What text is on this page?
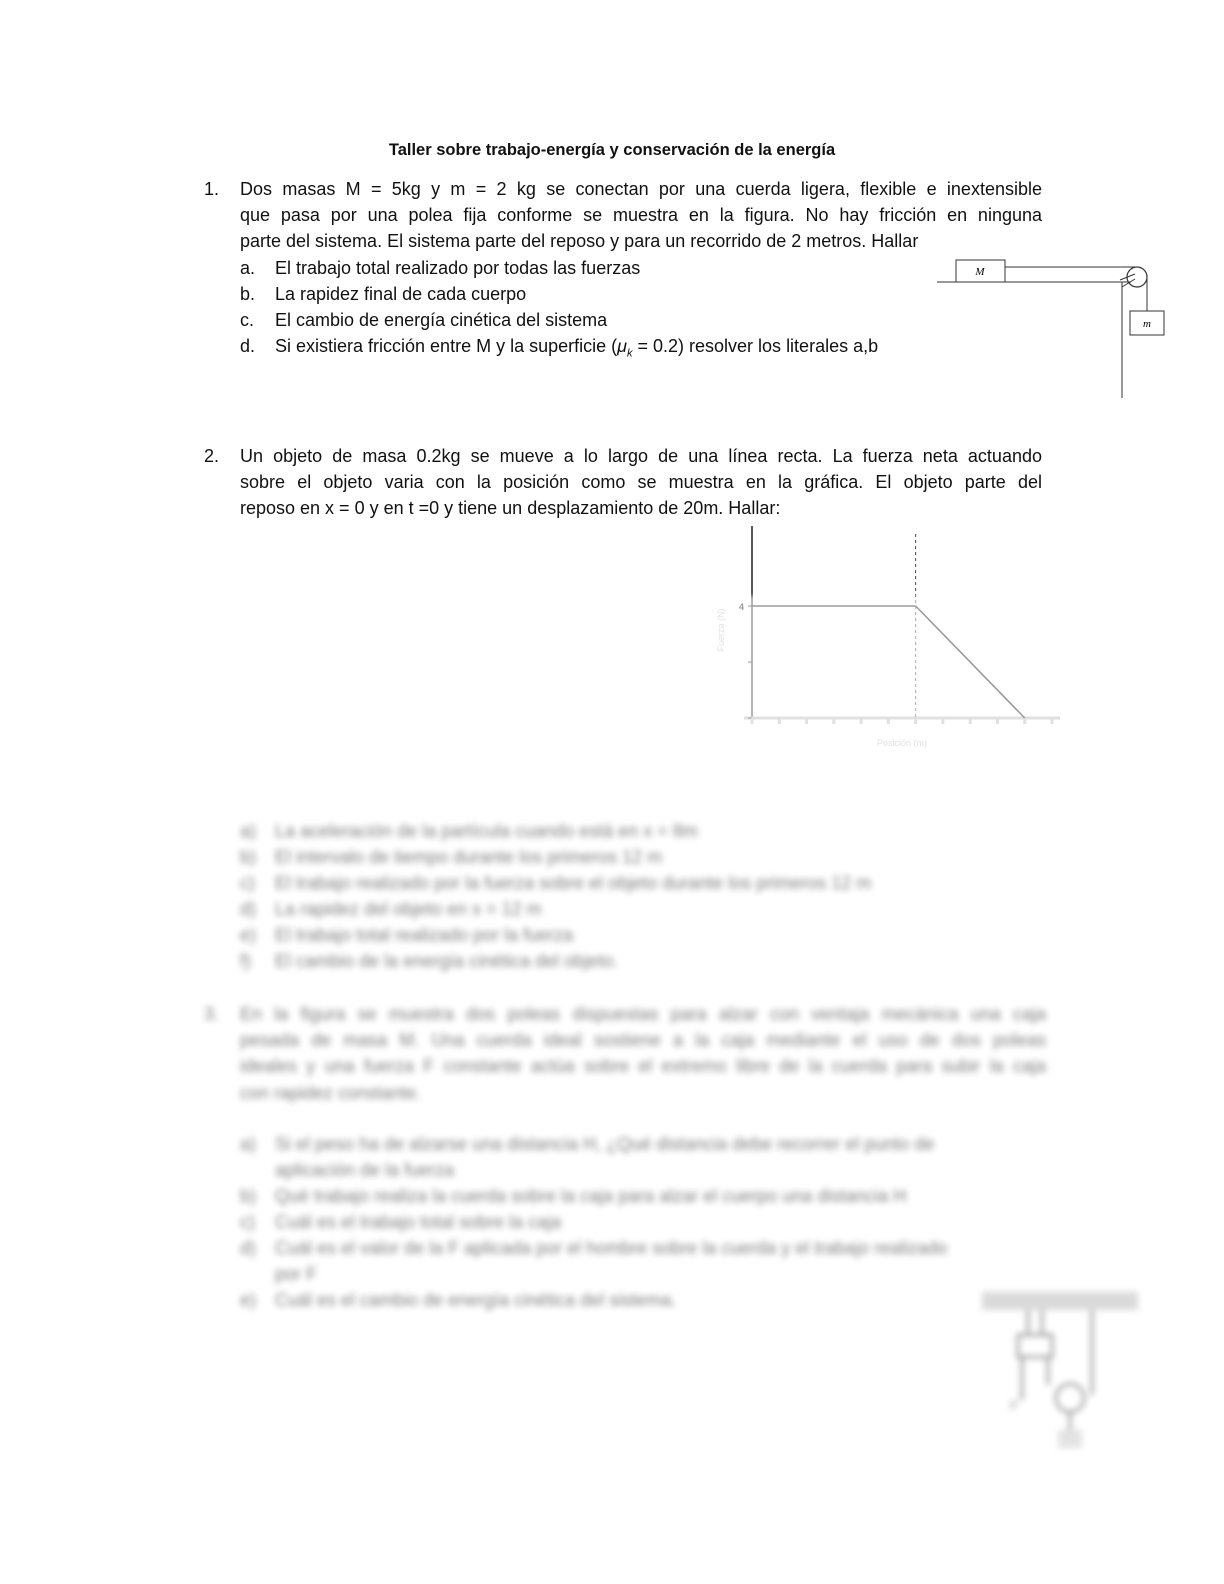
Taller sobre trabajo-energía y conservación de la energía
1. Dos masas M = 5kg y m = 2 kg se conectan por una cuerda ligera, flexible e inextensible
que pasa por una polea fija conforme se muestra en la figura. No hay fricción en ninguna
parte del sistema. El sistema parte del reposo y para un recorrido de 2 metros. Hallar
a. El trabajo total realizado por todas las fuerzas
b. La rapidez final de cada cuerpo
c. El cambio de energía cinética del sistema
d. Si existiera fricción entre M y la superficie $(\mu_k = 0.2)$ resolver los literales a,b
M
m
2. Un objeto de masa 0.2kg se mueve a lo largo de una línea recta. La fuerza neta actuando
sobre el objeto varia con la posición como se muestra en la gráfica. El objeto parte del
reposo en x = 0 y en t =0 y tiene un desplazamiento de 20m. Hallar:
a) La aceleración de la partícula cuando está en x = 8m
b) El intervalo de tiempo durante los primeros 12 m
c) El trabajo realizado por la fuerza sobre el objeto durante los primeros 12 m
d) La rapidez del objeto en x = 12 m
e) El trabajo total realizado por la fuerza
f) El cambio de la energía cinética del objeto.
3. En la figura se muestra dos poleas dispuestas para alzar con ventaja mecánica una caja
pesada de masa M. Una cuerda ideal sostiene a la caja mediante el uso de dos poleas
ideales y una fuerza F constante actúa sobre el extremo libre de la cuerda para subir la caja
con rapidez constante.
a) Si el peso ha de alzarse una distancia H, ¿Qué distancia debe recorrer el punto de
aplicación de la fuerza
b) Qué trabajo realiza la cuerda sobre la caja para alzar el cuerpo una distancia H
c) Cuál es el trabajo total sobre la caja
d) Cuál es el valor de la F aplicada por el hombre sobre la cuerda y el trabajo realizado
por F
e) Cuál es el cambio de energía cinética del sistema.
F
